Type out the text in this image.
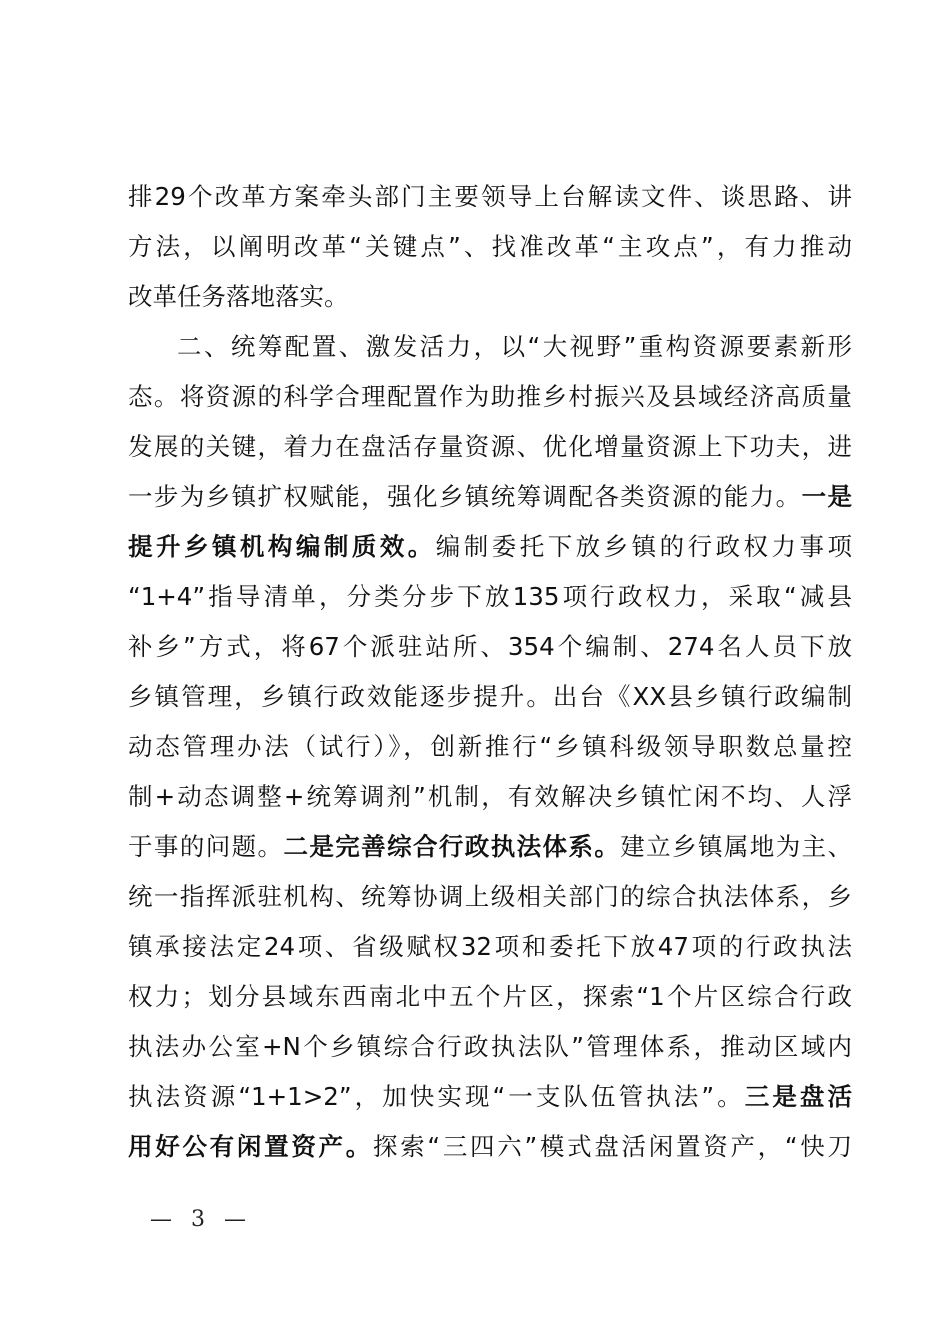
排29个改革方案牵头部门主要领导上台解读文件、谈思路、讲
方法，以阐明改革“关键点”、找准改革“主攻点”，有力推动
改革任务落地落实。
二、统筹配置、激发活力，以“大视野”重构资源要素新形
态。将资源的科学合理配置作为助推乡村振兴及县域经济高质量
发展的关键，着力在盘活存量资源、优化增量资源上下功夫，进
一步为乡镇扩权赋能，强化乡镇统筹调配各类资源的能力。一是
提升乡镇机构编制质效。编制委托下放乡镇的行政权力事项
“1+4”指导清单，分类分步下放135项行政权力，采取“减县
补乡”方式，将67个派驻站所、354个编制、274名人员下放
乡镇管理，乡镇行政效能逐步提升。出台《XX县乡镇行政编制
动态管理办法（试行）》，创新推行“乡镇科级领导职数总量控
制+动态调整+统筹调剂”机制，有效解决乡镇忙闲不均、人浮
于事的问题。二是完善综合行政执法体系。建立乡镇属地为主、
统一指挥派驻机构、统筹协调上级相关部门的综合执法体系，乡
镇承接法定24项、省级赋权32项和委托下放47项的行政执法
权力；划分县域东西南北中五个片区，探索“1个片区综合行政
执法办公室+N个乡镇综合行政执法队”管理体系，推动区域内
执法资源“1+1>2”，加快实现“一支队伍管执法”。三是盘活
用好公有闲置资产。探索“三四六”模式盘活闲置资产，“快刀
— 3 —
